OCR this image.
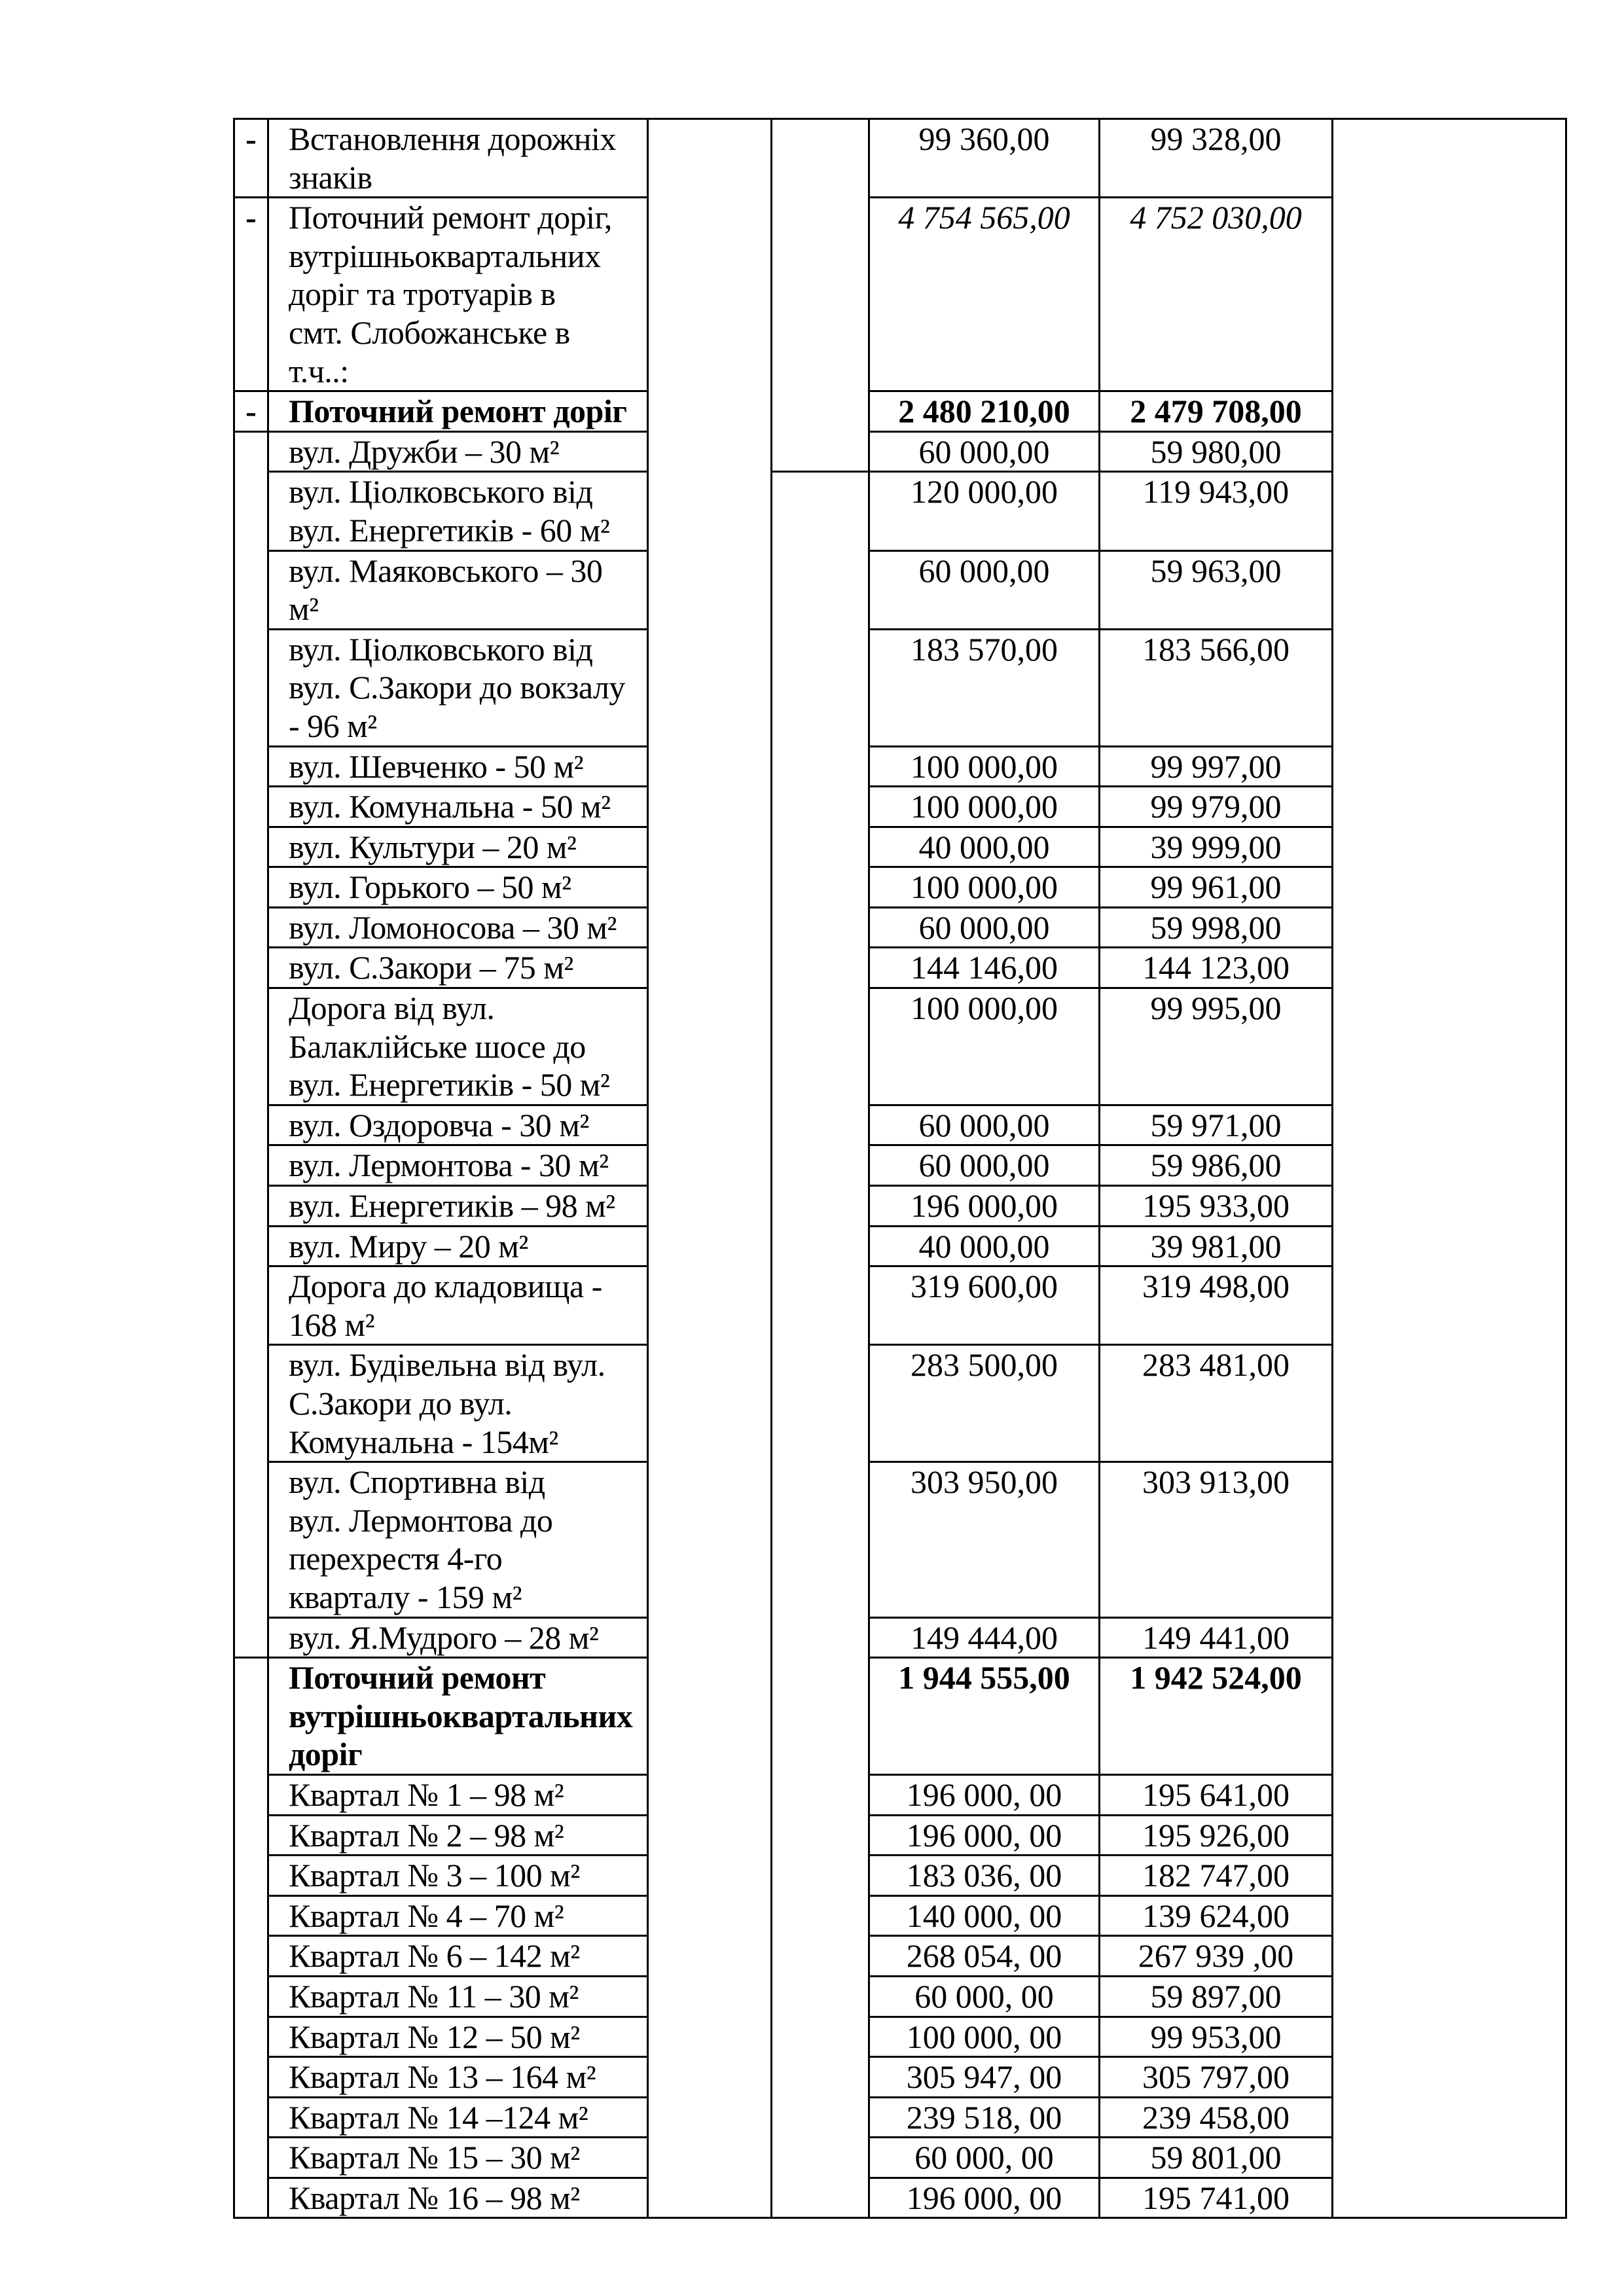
-	Встановлення дорожніх
знаків			99 360,00	99 328,00	
-	Поточний ремонт доріг,
вутрішньоквартальних
доріг та тротуарів в
смт. Слобожанське в
т.ч..:			4 754 565,00	4 752 030,00	
-	Поточний ремонт доріг			2 480 210,00	2 479 708,00	
	вул. Дружби – 30 м²			60 000,00	59 980,00	
	вул. Ціолковського від
вул. Енергетиків - 60 м²			120 000,00	119 943,00	
	вул. Маяковського – 30
м²			60 000,00	59 963,00	
	вул. Ціолковського від
вул. С.Закори до вокзалу
- 96 м²			183 570,00	183 566,00	
	вул. Шевченко - 50 м²			100 000,00	99 997,00	
	вул. Комунальна - 50 м²			100 000,00	99 979,00	
	вул. Культури – 20 м²			40 000,00	39 999,00	
	вул. Горького – 50 м²			100 000,00	99 961,00	
	вул. Ломоносова – 30 м²			60 000,00	59 998,00	
	вул. С.Закори – 75 м²			144 146,00	144 123,00	
	Дорога від вул.
Балаклійське шосе до
вул. Енергетиків - 50 м²			100 000,00	99 995,00	
	вул. Оздоровча - 30 м²			60 000,00	59 971,00	
	вул. Лермонтова - 30 м²			60 000,00	59 986,00	
	вул. Енергетиків – 98 м²			196 000,00	195 933,00	
	вул. Миру – 20 м²			40 000,00	39 981,00	
	Дорога до кладовища -
168 м²			319 600,00	319 498,00	
	вул. Будівельна від вул.
С.Закори до вул.
Комунальна - 154м²			283 500,00	283 481,00	
	вул. Спортивна від
вул. Лермонтова до
перехрестя 4-го
кварталу - 159 м²			303 950,00	303 913,00	
	вул. Я.Мудрого – 28 м²			149 444,00	149 441,00	
	Поточний ремонт
вутрішньоквартальних
доріг			1 944 555,00	1 942 524,00	
	Квартал № 1 – 98 м²			196 000, 00	195 641,00	
	Квартал № 2 – 98 м²			196 000, 00	195 926,00	
	Квартал № 3 – 100 м²			183 036, 00	182 747,00	
	Квартал № 4 – 70 м²			140 000, 00	139 624,00	
	Квартал № 6 – 142 м²			268 054, 00	267 939 ,00	
	Квартал № 11 – 30 м²			60 000, 00	59 897,00	
	Квартал № 12 – 50 м²			100 000, 00	99 953,00	
	Квартал № 13 – 164 м²			305 947, 00	305 797,00	
	Квартал № 14 –124 м²			239 518, 00	239 458,00	
	Квартал № 15 – 30 м²			60 000, 00	59 801,00	
	Квартал № 16 – 98 м²			196 000, 00	195 741,00	
